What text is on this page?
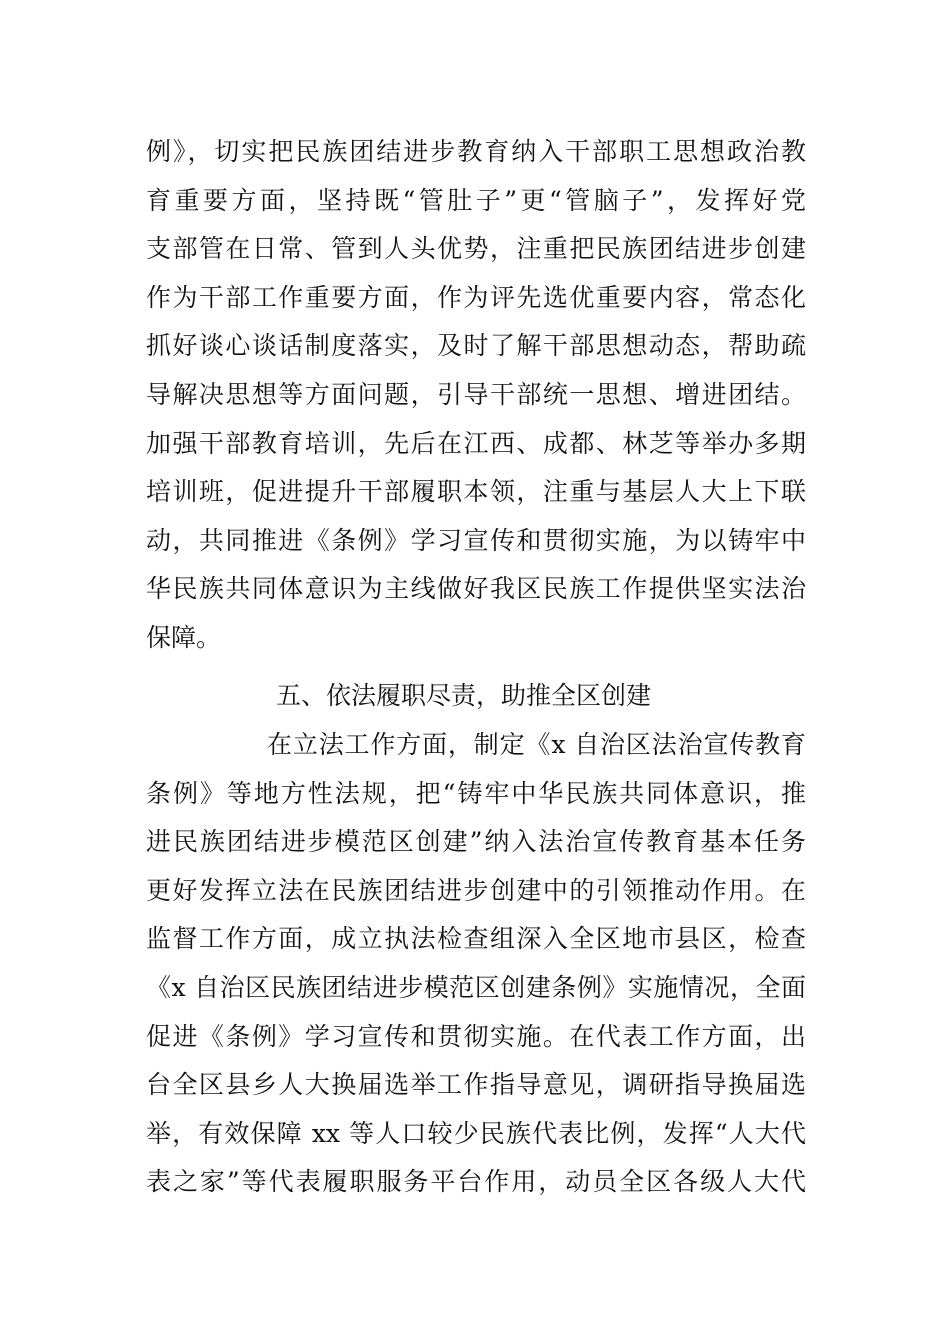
例》，切实把民族团结进步教育纳入干部职工思想政治教
育重要方面，坚持既“管肚子”更“管脑子”，发挥好党
支部管在日常、管到人头优势，注重把民族团结进步创建
作为干部工作重要方面，作为评先选优重要内容，常态化
抓好谈心谈话制度落实，及时了解干部思想动态，帮助疏
导解决思想等方面问题，引导干部统一思想、增进团结。
加强干部教育培训，先后在江西、成都、林芝等举办多期
培训班，促进提升干部履职本领，注重与基层人大上下联
动，共同推进《条例》学习宣传和贯彻实施，为以铸牢中
华民族共同体意识为主线做好我区民族工作提供坚实法治
保障。
五、依法履职尽责，助推全区创建
在立法工作方面，制定《x 自治区法治宣传教育
条例》等地方性法规，把“铸牢中华民族共同体意识，推
进民族团结进步模范区创建”纳入法治宣传教育基本任务
更好发挥立法在民族团结进步创建中的引领推动作用。在
监督工作方面，成立执法检查组深入全区地市县区，检查
《x 自治区民族团结进步模范区创建条例》实施情况，全面
促进《条例》学习宣传和贯彻实施。在代表工作方面，出
台全区县乡人大换届选举工作指导意见，调研指导换届选
举，有效保障 xx 等人口较少民族代表比例，发挥“人大代
表之家”等代表履职服务平台作用，动员全区各级人大代
